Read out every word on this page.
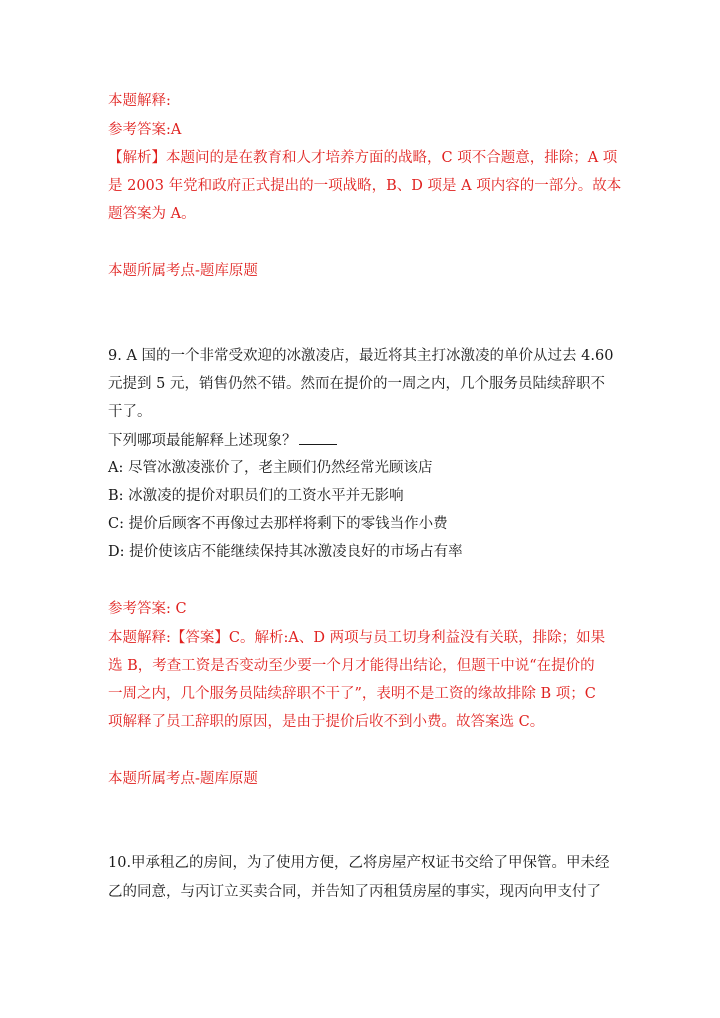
本题解释:
参考答案:A
【解析】本题问的是在教育和人才培养方面的战略，C 项不合题意，排除；A 项
是 2003 年党和政府正式提出的一项战略，B、D 项是 A 项内容的一部分。故本
题答案为 A。
本题所属考点-题库原题
9. A 国的一个非常受欢迎的冰激凌店，最近将其主打冰激凌的单价从过去 4.60
元提到 5 元，销售仍然不错。然而在提价的一周之内，几个服务员陆续辞职不
干了。
下列哪项最能解释上述现象？
A: 尽管冰激凌涨价了，老主顾们仍然经常光顾该店
B: 冰激凌的提价对职员们的工资水平并无影响
C: 提价后顾客不再像过去那样将剩下的零钱当作小费
D: 提价使该店不能继续保持其冰激凌良好的市场占有率
参考答案: C
本题解释:【答案】C。解析:A、D 两项与员工切身利益没有关联，排除；如果
选 B，考查工资是否变动至少要一个月才能得出结论，但题干中说“在提价的
一周之内，几个服务员陆续辞职不干了”，表明不是工资的缘故排除 B 项；C
项解释了员工辞职的原因，是由于提价后收不到小费。故答案选 C。
本题所属考点-题库原题
10.甲承租乙的房间，为了使用方便，乙将房屋产权证书交给了甲保管。甲未经
乙的同意，与丙订立买卖合同，并告知了丙租赁房屋的事实，现丙向甲支付了
